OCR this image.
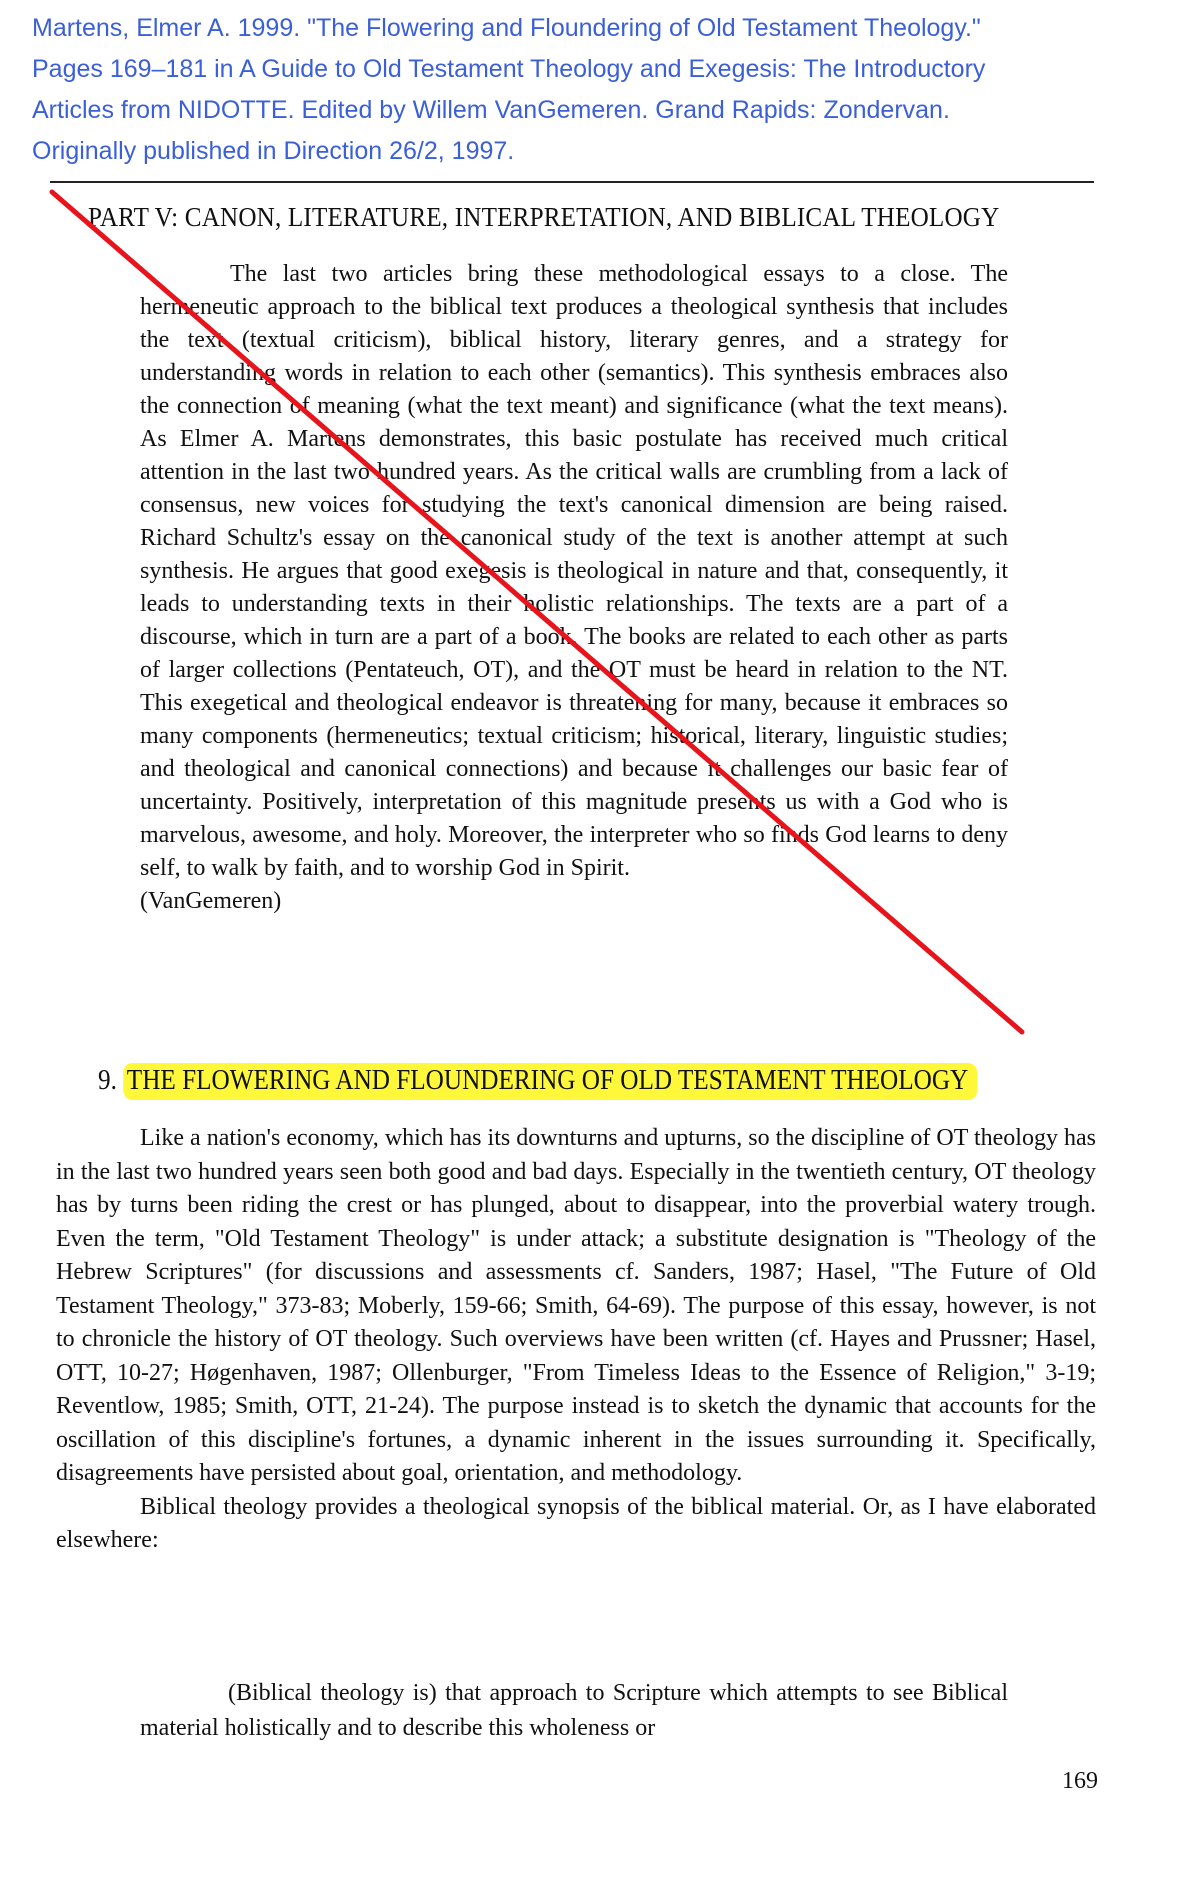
Martens, Elmer A. 1999. "The Flowering and Floundering of Old Testament Theology."

Pages 169–181 in A Guide to Old Testament Theology and Exegesis: The Introductory

Articles from NIDOTTE. Edited by Willem VanGemeren. Grand Rapids: Zondervan.

Originally published in Direction 26/2, 1997.

PART V: CANON, LITERATURE, INTERPRETATION, AND BIBLICAL THEOLOGY

The last two articles bring these methodological essays to a close. The hermeneutic approach to the biblical text produces a theological synthesis that includes the text (textual criticism), biblical history, literary genres, and a strategy for understanding words in relation to each other (semantics). This synthesis embraces also the connection of meaning (what the text meant) and significance (what the text means). As Elmer A. Martens demonstrates, this basic postulate has received much critical attention in the last two hundred years. As the critical walls are crumbling from a lack of consensus, new voices for studying the text's canonical dimension are being raised. Richard Schultz's essay on the canonical study of the text is another attempt at such synthesis. He argues that good exegesis is theological in nature and that, consequently, it leads to understanding texts in their holistic relationships. The texts are a part of a discourse, which in turn are a part of a book. The books are related to each other as parts of larger collections (Pentateuch, OT), and the OT must be heard in relation to the NT. This exegetical and theological endeavor is threatening for many, because it embraces so many components (hermeneutics; textual criticism; historical, literary, linguistic studies; and theological and canonical connections) and because it challenges our basic fear of uncertainty. Positively, interpretation of this magnitude presents us with a God who is marvelous, awesome, and holy. Moreover, the interpreter who so finds God learns to deny self, to walk by faith, and to worship God in Spirit.

(VanGemeren)

9. THE FLOWERING AND FLOUNDERING OF OLD TESTAMENT THEOLOGY

Like a nation's economy, which has its downturns and upturns, so the discipline of OT theology has in the last two hundred years seen both good and bad days. Especially in the twentieth century, OT theology has by turns been riding the crest or has plunged, about to disappear, into the proverbial watery trough. Even the term, "Old Testament Theology" is under attack; a substitute designation is "Theology of the Hebrew Scriptures" (for discussions and assessments cf. Sanders, 1987; Hasel, "The Future of Old Testament Theology," 373-83; Moberly, 159-66; Smith, 64-69). The purpose of this essay, however, is not to chronicle the history of OT theology. Such overviews have been written (cf. Hayes and Prussner; Hasel, OTT, 10-27; Høgenhaven, 1987; Ollenburger, "From Timeless Ideas to the Essence of Religion," 3-19; Reventlow, 1985; Smith, OTT, 21-24). The purpose instead is to sketch the dynamic that accounts for the oscillation of this discipline's fortunes, a dynamic inherent in the issues surrounding it. Specifically, disagreements have persisted about goal, orientation, and methodology.

Biblical theology provides a theological synopsis of the biblical material. Or, as I have elaborated elsewhere:

(Biblical theology is) that approach to Scripture which attempts to see Biblical material holistically and to describe this wholeness or

169
